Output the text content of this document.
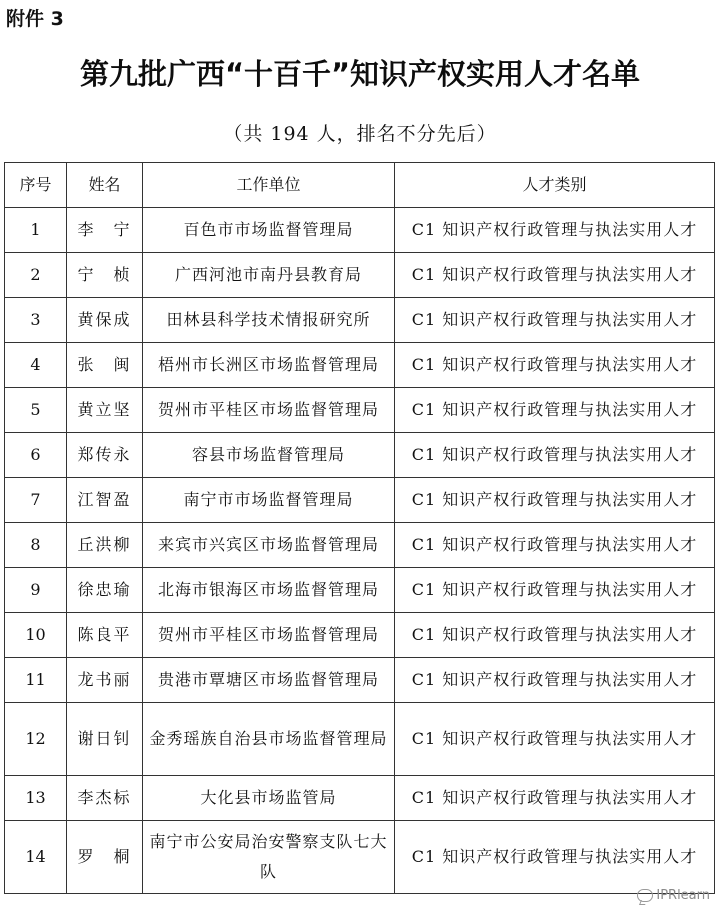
附件 3
第九批广西“十百千”知识产权实用人才名单
（共 194 人，排名不分先后）
序号	姓名	工作单位	人才类别
1	李　宁	百色市市场监督管理局	C1 知识产权行政管理与执法实用人才
2	宁　桢	广西河池市南丹县教育局	C1 知识产权行政管理与执法实用人才
3	黄保成	田林县科学技术情报研究所	C1 知识产权行政管理与执法实用人才
4	张　闽	梧州市长洲区市场监督管理局	C1 知识产权行政管理与执法实用人才
5	黄立坚	贺州市平桂区市场监督管理局	C1 知识产权行政管理与执法实用人才
6	郑传永	容县市场监督管理局	C1 知识产权行政管理与执法实用人才
7	江智盈	南宁市市场监督管理局	C1 知识产权行政管理与执法实用人才
8	丘洪柳	来宾市兴宾区市场监督管理局	C1 知识产权行政管理与执法实用人才
9	徐忠瑜	北海市银海区市场监督管理局	C1 知识产权行政管理与执法实用人才
10	陈良平	贺州市平桂区市场监督管理局	C1 知识产权行政管理与执法实用人才
11	龙书丽	贵港市覃塘区市场监督管理局	C1 知识产权行政管理与执法实用人才
12	谢日钊	金秀瑶族自治县市场监督管理局	C1 知识产权行政管理与执法实用人才
13	李杰标	大化县市场监管局	C1 知识产权行政管理与执法实用人才
14	罗　桐	南宁市公安局治安警察支队七大队	C1 知识产权行政管理与执法实用人才
IPRlearn
